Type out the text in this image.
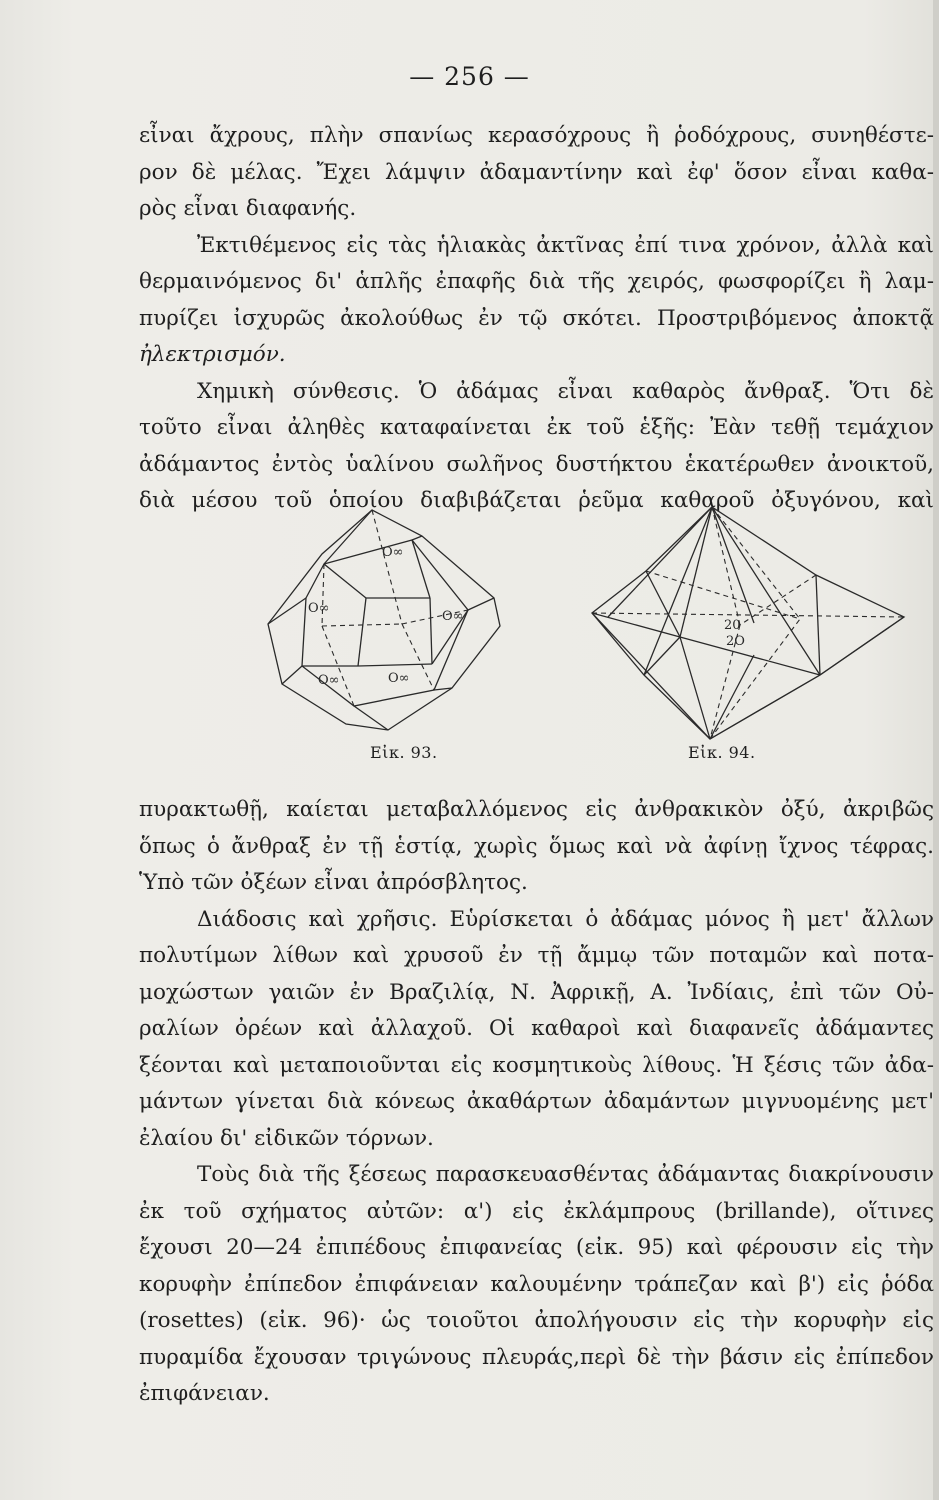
— 256 —
εἶναι ἄχρους, πλὴν σπανίως κερασόχρους ἢ ῥοδόχρους, συνηθέστε-
ρον δὲ μέλας. Ἔχει λάμψιν ἀδαμαντίνην καὶ ἐφ' ὅσον εἶναι καθα-
ρὸς εἶναι διαφανής.
Ἐκτιθέμενος εἰς τὰς ἡλιακὰς ἀκτῖνας ἐπί τινα χρόνον, ἀλλὰ καὶ
θερμαινόμενος δι' ἁπλῆς ἐπαφῆς διὰ τῆς χειρός, φωσφορίζει ἢ λαμ-
πυρίζει ἰσχυρῶς ἀκολούθως ἐν τῷ σκότει. Προστριβόμενος ἀποκτᾷ
ἠλεκτρισμόν.
Χημικὴ σύνθεσις. Ὁ ἀδάμας εἶναι καθαρὸς ἄνθραξ. Ὅτι δὲ
τοῦτο εἶναι ἀληθὲς καταφαίνεται ἐκ τοῦ ἑξῆς: Ἐὰν τεθῇ τεμάχιον
ἀδάμαντος ἐντὸς ὑαλίνου σωλῆνος δυστήκτου ἑκατέρωθεν ἀνοικτοῦ,
διὰ μέσου τοῦ ὁποίου διαβιβάζεται ῥεῦμα καθαροῦ ὀξυγόνου, καὶ
O∞
O∞
O∞
O∞	O∞
Εἰκ. 93.
20
2O
Εἰκ. 94.
πυρακτωθῇ, καίεται μεταβαλλόμενος εἰς ἀνθρακικὸν ὀξύ, ἀκριβῶς
ὅπως ὁ ἄνθραξ ἐν τῇ ἑστίᾳ, χωρὶς ὅμως καὶ νὰ ἀφίνῃ ἴχνος τέφρας.
Ὑπὸ τῶν ὀξέων εἶναι ἀπρόσβλητος.
Διάδοσις καὶ χρῆσις. Εὑρίσκεται ὁ ἀδάμας μόνος ἢ μετ' ἄλλων
πολυτίμων λίθων καὶ χρυσοῦ ἐν τῇ ἄμμῳ τῶν ποταμῶν καὶ ποτα-
μοχώστων γαιῶν ἐν Βραζιλίᾳ, Ν. Ἀφρικῇ, Α. Ἰνδίαις, ἐπὶ τῶν Οὐ-
ραλίων ὀρέων καὶ ἀλλαχοῦ. Οἱ καθαροὶ καὶ διαφανεῖς ἀδάμαντες
ξέονται καὶ μεταποιοῦνται εἰς κοσμητικοὺς λίθους. Ἡ ξέσις τῶν ἀδα-
μάντων γίνεται διὰ κόνεως ἀκαθάρτων ἀδαμάντων μιγνυομένης μετ'
ἐλαίου δι' εἰδικῶν τόρνων.
Τοὺς διὰ τῆς ξέσεως παρασκευασθέντας ἀδάμαντας διακρίνουσιν
ἐκ τοῦ σχήματος αὐτῶν: α') εἰς ἐκλάμπρους (brillande), οἵτινες
ἔχουσι 20—24 ἐπιπέδους ἐπιφανείας (εἰκ. 95) καὶ φέρουσιν εἰς τὴν
κορυφὴν ἐπίπεδον ἐπιφάνειαν καλουμένην τράπεζαν καὶ β') εἰς ῥόδα
(rosettes) (εἰκ. 96)· ὡς τοιοῦτοι ἀπολήγουσιν εἰς τὴν κορυφὴν εἰς
πυραμίδα ἔχουσαν τριγώνους πλευράς,περὶ δὲ τὴν βάσιν εἰς ἐπίπεδον
ἐπιφάνειαν.
